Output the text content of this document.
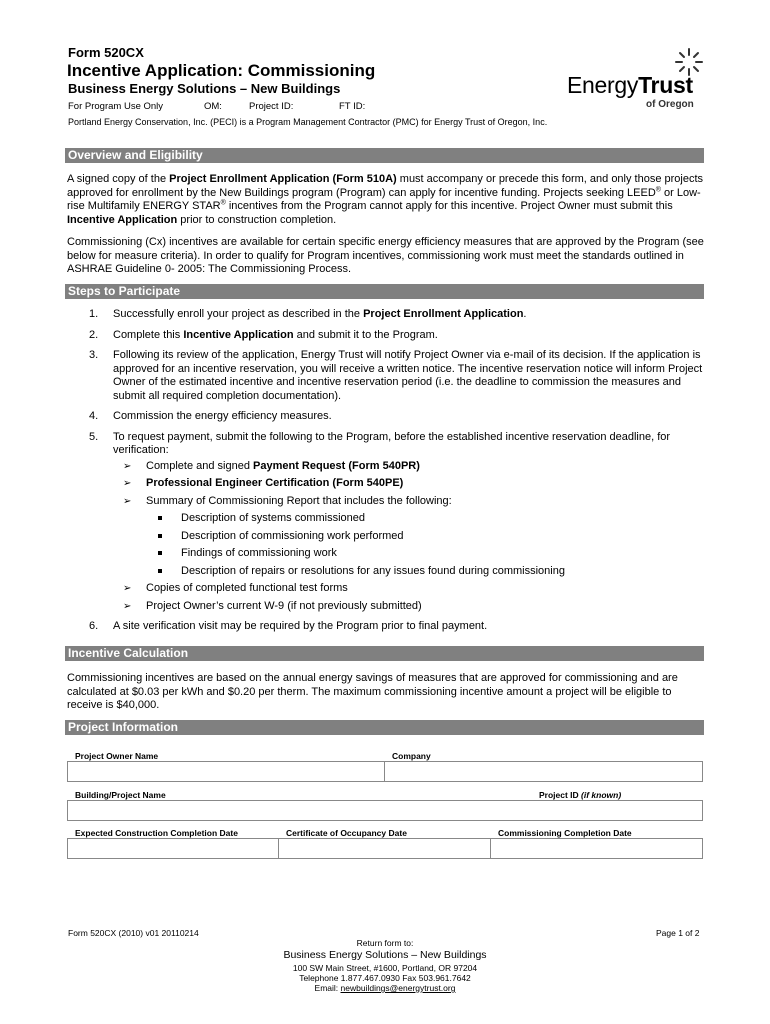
Form 520CX
Incentive Application: Commissioning
Business Energy Solutions – New Buildings
For Program Use Only	OM:	Project ID:	FT ID:
Portland Energy Conservation, Inc. (PECI) is a Program Management Contractor (PMC) for Energy Trust of Oregon, Inc.
EnergyTrust
of Oregon
Overview and Eligibility
A signed copy of the Project Enrollment Application (Form 510A) must accompany or precede this form, and only those projects approved for enrollment by the New Buildings program (Program) can apply for incentive funding. Projects seeking LEED® or Low-rise Multifamily ENERGY STAR® incentives from the Program cannot apply for this incentive. Project Owner must submit this Incentive Application prior to construction completion.
Commissioning (Cx) incentives are available for certain specific energy efficiency measures that are approved by the Program (see below for measure criteria). In order to qualify for Program incentives, commissioning work must meet the standards outlined in ASHRAE Guideline 0- 2005: The Commissioning Process.
Steps to Participate
1. Successfully enroll your project as described in the Project Enrollment Application.
2. Complete this Incentive Application and submit it to the Program.
3. Following its review of the application, Energy Trust will notify Project Owner via e-mail of its decision. If the application is approved for an incentive reservation, you will receive a written notice. The incentive reservation notice will inform Project Owner of the estimated incentive and incentive reservation period (i.e. the deadline to commission the measures and submit all required completion documentation).
4. Commission the energy efficiency measures.
5. To request payment, submit the following to the Program, before the established incentive reservation deadline, for verification:
➢ Complete and signed Payment Request (Form 540PR)
➢ Professional Engineer Certification (Form 540PE)
➢ Summary of Commissioning Report that includes the following:
Description of systems commissioned
Description of commissioning work performed
Findings of commissioning work
Description of repairs or resolutions for any issues found during commissioning
➢ Copies of completed functional test forms
➢ Project Owner’s current W-9 (if not previously submitted)
6. A site verification visit may be required by the Program prior to final payment.
Incentive Calculation
Commissioning incentives are based on the annual energy savings of measures that are approved for commissioning and are calculated at $0.03 per kWh and $0.20 per therm. The maximum commissioning incentive amount a project will be eligible to receive is $40,000.
Project Information
Project Owner Name	Company
Building/Project Name	Project ID (if known)
Expected Construction Completion Date	Certificate of Occupancy Date	Commissioning Completion Date
Form 520CX (2010) v01 20110214	Page 1 of 2
Return form to:
Business Energy Solutions – New Buildings
100 SW Main Street, #1600, Portland, OR 97204
Telephone 1.877.467.0930 Fax 503.961.7642
Email: newbuildings@energytrust.org
